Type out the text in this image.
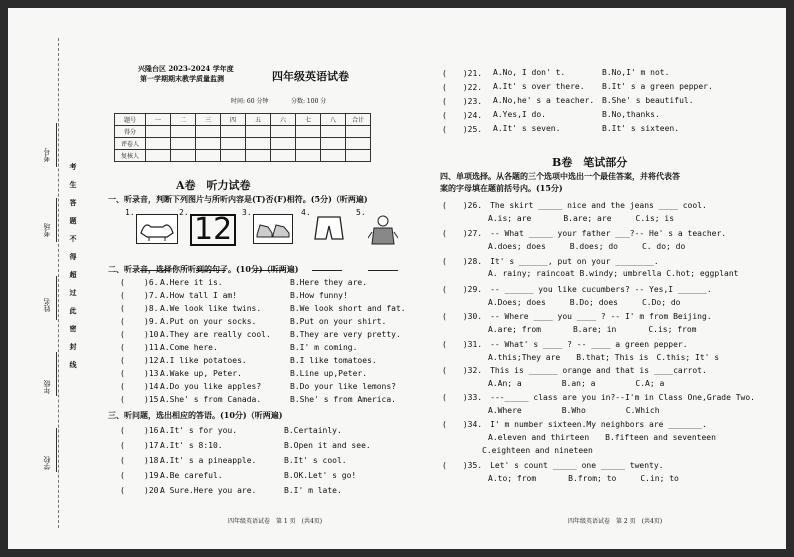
考号
考场
姓名
年级
学校
考生答题不得超过此密封线
兴隆台区 2023-2024 学年度
第一学期期末教学质量监测	四年级英语试卷
时间: 60 分钟	分数: 100 分
题号	一	二	三	四	五	六	七	八	合计
得分									
评卷人									
复核人									
A卷　听力试卷
一、听录音，判断下列图片与所听内容是(T)否(F)相符。(5分)（听两遍)
1.	2. 12 3.	4.	5.
二、听录音，选择你所听到的句子。(10分)（听两遍)
( )6. A.Here it is.	B.Here they are.
( )7. A.How tall I am!	B.How funny!
( )8. A.We look like twins.	B.We look short and fat.
( )9. A.Put on your socks.	B.Put on your shirt.
( )10.
A.They are really cool. B.They are very pretty.
( )11.
A.Come here.	B.I' m coming.
( )12.
A.I like potatoes.	B.I like tomatoes.
( )13.
A.Wake up, Peter.	B.Line up,Peter.
( )14.
A.Do you like apples?	B.Do your like lemons?
( )15.
A.She' s from Canada.	B.She' s from America.
三、听问题，选出相应的答语。(10分)（听两遍)
( )16.
A.It' s for you.	B.Certainly.
( )17.
A.It' s 8:10.	B.Open it and see.
( )18.
A.It' s a pineapple.	B.It' s cool.
( )19.
A.Be careful.	B.OK.Let' s go!
( )20.
A Sure.Here you are.	B.I' m late.
四年级英语试卷　第 1 页　(共4页)
(　　)21. A.No, I don' t.	B.No,I' m not.
(　　)22. A.It' s over there. B.It' s a green pepper.
(　　)23. A.No,he' s a teacher. B.She' s beautiful.
(　　)24. A.Yes,I do.	B.No,thanks.
(　　)25. A.It' s seven.	B.It' s sixteen.
B卷　笔试部分
四、单项选择。从各题的三个选项中选出一个最佳答案，并将代表答
案的字母填在题前括号内。(15分)
(　　)26.　The skirt _____ nice and the jeans ____ cool.
A.is; are　　　　B.are; are　　　C.is; is
(　　)27.　-- What _____ your father ___?-- He' s a teacher.
A.does; does　　　B.does; do　　　C. do; do
(　　)28.　It' s ______, put on your ________.
A. rainy; raincoat B.windy; umbrella C.hot; eggplant
(　　)29.　-- ______ you like cucumbers? -- Yes,I ______.
A.Does; does　　　B.Do; does　　　C.Do; do
(　　)30.　-- Where ____ you ____ ? -- I' m from Beijing.
A.are; from　　　　B.are; in　　　　C.is; from
(　　)31.　-- What' s ____ ? -- ____ a green pepper.
A.this;They are　　B.that; This is　C.this; It' s
(　　)32.　This is ______ orange and that is ____carrot.
A.An; a　　　　　B.an; a　　　　　C.A; a
(　　)33.　---_____ class are you in?--I'm in Class One,Grade Two.
A.Where　　　　　B.Who　　　　　C.Which
(　　)34.　I' m number sixteen.My neighbors are _______.
A.eleven and thirteen　　B.fifteen and seventeen
　　　　　C.eighteen and nineteen
(　　)35.　Let' s count _____ one _____ twenty.
A.to; from　　　　B.from; to　　　C.in; to
四年级英语试卷　第 2 页　(共4页)
